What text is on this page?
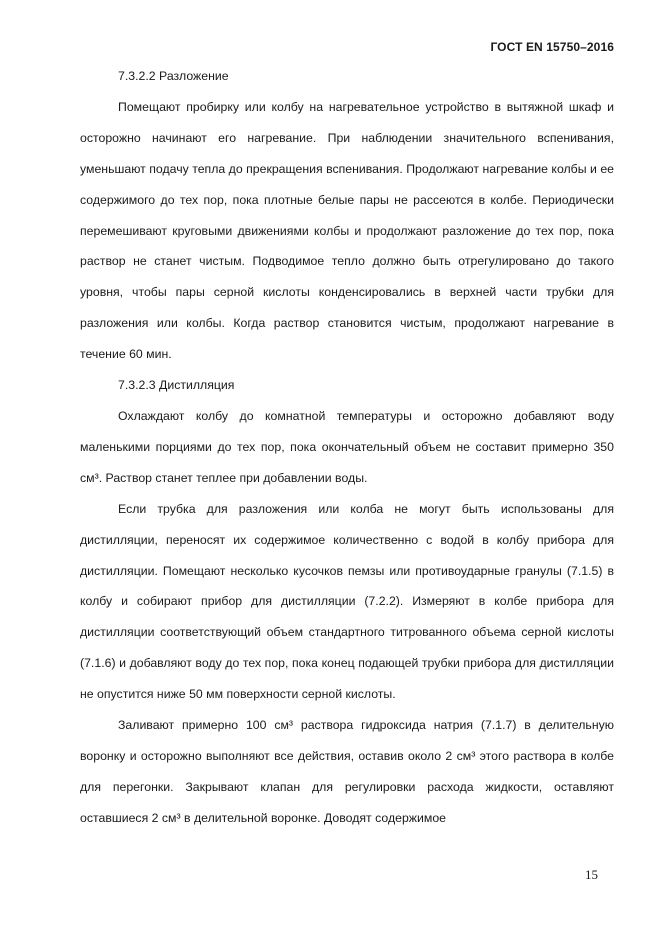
ГОСТ EN 15750–2016

7.3.2.2 Разложение

Помещают пробирку или колбу на нагревательное устройство в вытяжной шкаф и осторожно начинают его нагревание. При наблюдении значительного вспенивания, уменьшают подачу тепла до прекращения вспенивания. Продолжают нагревание колбы и ее содержимого до тех пор, пока плотные белые пары не рассеются в колбе. Периодически перемешивают круговыми движениями колбы и продолжают разложение до тех пор, пока раствор не станет чистым. Подводимое тепло должно быть отрегулировано до такого уровня, чтобы пары серной кислоты конденсировались в верхней части трубки для разложения или колбы. Когда раствор становится чистым, продолжают нагревание в течение 60 мин.

7.3.2.3 Дистилляция

Охлаждают колбу до комнатной температуры и осторожно добавляют воду маленькими порциями до тех пор, пока окончательный объем не составит примерно 350 см³. Раствор станет теплее при добавлении воды.

Если трубка для разложения или колба не могут быть использованы для дистилляции, переносят их содержимое количественно с водой в колбу прибора для дистилляции. Помещают несколько кусочков пемзы или противоударные гранулы (7.1.5) в колбу и собирают прибор для дистилляции (7.2.2). Измеряют в колбе прибора для дистилляции соответствующий объем стандартного титрованного объема серной кислоты (7.1.6) и добавляют воду до тех пор, пока конец подающей трубки прибора для дистилляции не опустится ниже 50 мм поверхности серной кислоты.

Заливают примерно 100 см³ раствора гидроксида натрия (7.1.7) в делительную воронку и осторожно выполняют все действия, оставив около 2 см³ этого раствора в колбе для перегонки. Закрывают клапан для регулировки расхода жидкости, оставляют оставшиеся 2 см³ в делительной воронке. Доводят содержимое

15
